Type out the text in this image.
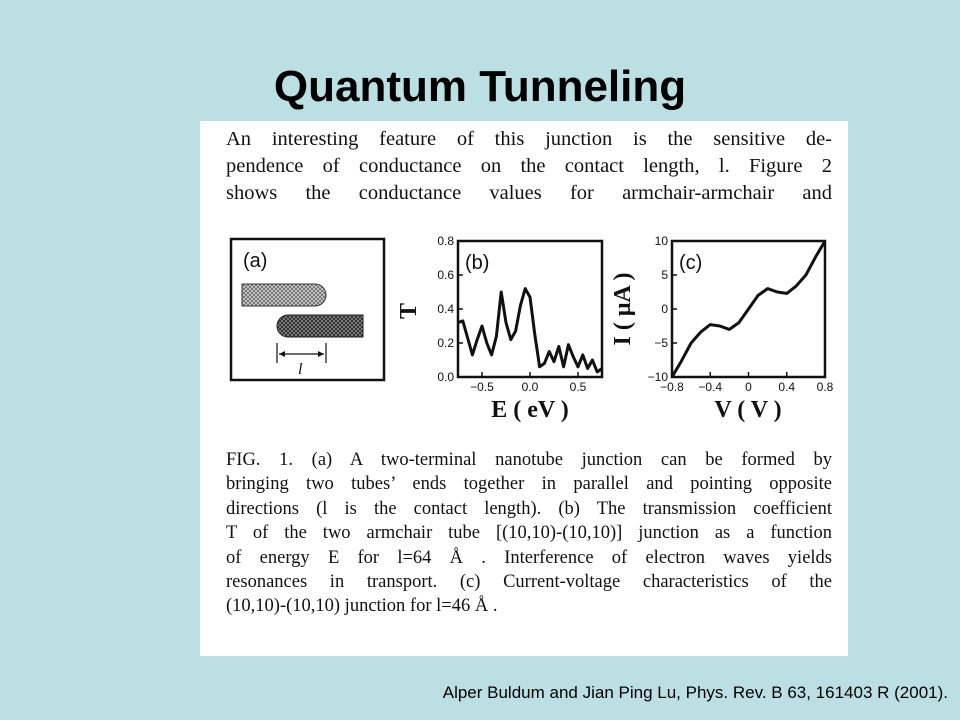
Quantum Tunneling
An interesting feature of this junction is the sensitive de-
pendence of conductance on the contact length, l. Figure 2
shows the conductance values for armchair-armchair and
(a)
l
(b)
T
E ( eV )
0.0
0.2
0.4
0.6
0.8
−0.5 0.0	0.5
(c)
I ( μA )
V ( V )
−10
−5
0
5
10
−0.8 −0.4 0 0.4 0.8
FIG. 1. (a) A two-terminal nanotube junction can be formed by
bringing two tubes’ ends together in parallel and pointing opposite
directions (l is the contact length). (b) The transmission coefficient
T of the two armchair tube [(10,10)-(10,10)] junction as a function
of energy E for l=64 Å . Interference of electron waves yields
resonances in transport. (c) Current-voltage characteristics of the
(10,10)-(10,10) junction for l=46 Å .
Alper Buldum and Jian Ping Lu, Phys. Rev. B 63, 161403 R (2001).
